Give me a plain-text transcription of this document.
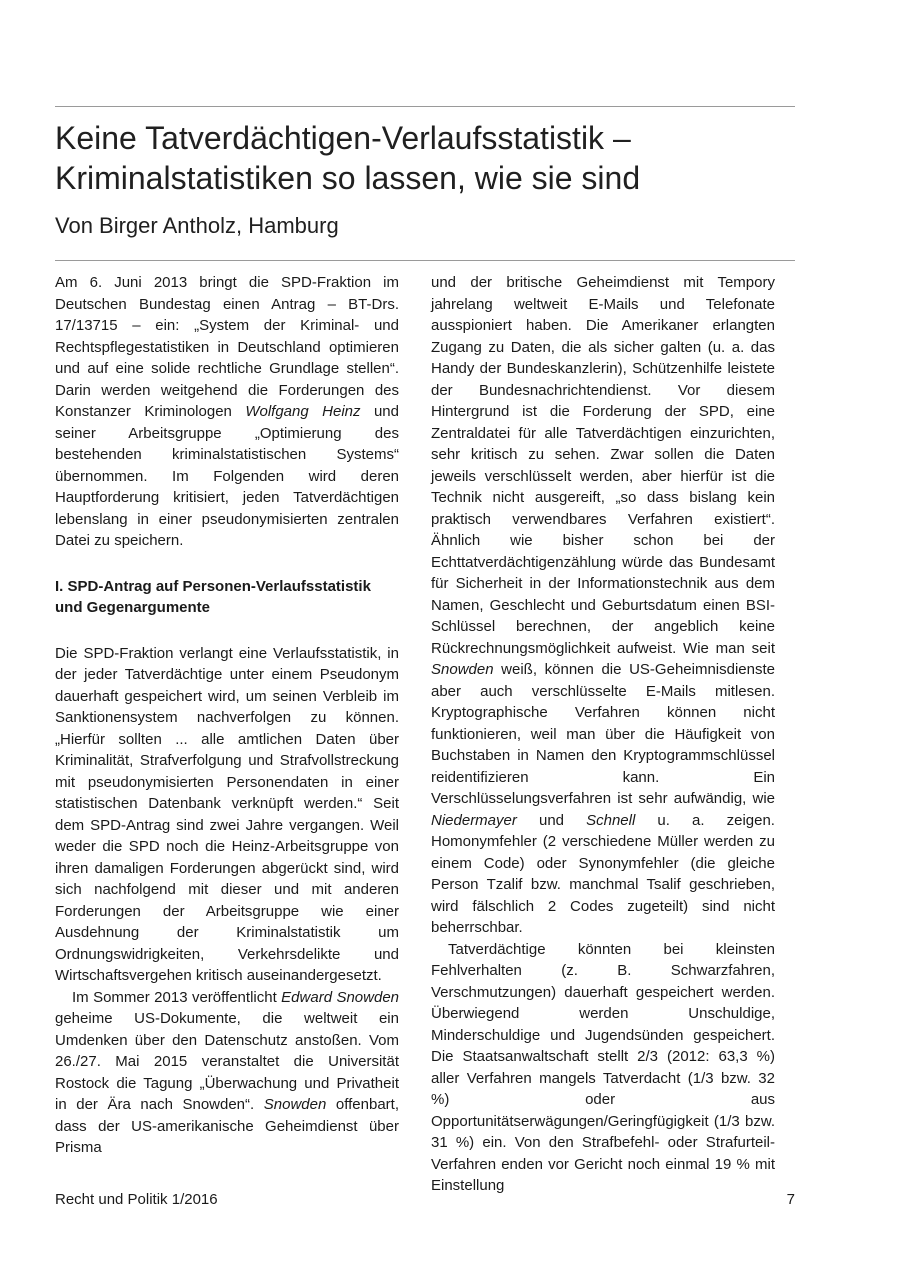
Keine Tatverdächtigen-Verlaufsstatistik –
Kriminalstatistiken so lassen, wie sie sind
Von Birger Antholz, Hamburg

Am 6. Juni 2013 bringt die SPD-Fraktion im Deutschen Bundestag einen Antrag – BT-Drs. 17/13715 – ein: „System der Kriminal- und Rechtspflegestatistiken in Deutschland optimieren und auf eine solide rechtliche Grundlage stellen“. Darin werden weitgehend die Forderungen des Konstanzer Kriminologen Wolfgang Heinz und seiner Arbeitsgruppe „Optimierung des bestehenden kriminalstatistischen Systems“ übernommen. Im Folgenden wird deren Hauptforderung kritisiert, jeden Tatverdächtigen lebenslang in einer pseudonymisierten zentralen Datei zu speichern.

I. SPD-Antrag auf Personen-Verlaufsstatistik und Gegenargumente

Die SPD-Fraktion verlangt eine Verlaufsstatistik, in der jeder Tatverdächtige unter einem Pseudonym dauerhaft gespeichert wird, um seinen Verbleib im Sanktionensystem nachverfolgen zu können. „Hierfür sollten ... alle amtlichen Daten über Kriminalität, Strafverfolgung und Strafvollstreckung mit pseudonymisierten Personendaten in einer statistischen Datenbank verknüpft werden.“ Seit dem SPD-Antrag sind zwei Jahre vergangen. Weil weder die SPD noch die Heinz-Arbeitsgruppe von ihren damaligen Forderungen abgerückt sind, wird sich nachfolgend mit dieser und mit anderen Forderungen der Arbeitsgruppe wie einer Ausdehnung der Kriminalstatistik um Ordnungswidrigkeiten, Verkehrsdelikte und Wirtschaftsvergehen kritisch auseinandergesetzt.

Im Sommer 2013 veröffentlicht Edward Snowden geheime US-Dokumente, die weltweit ein Umdenken über den Datenschutz anstoßen. Vom 26./27. Mai 2015 veranstaltet die Universität Rostock die Tagung „Überwachung und Privatheit in der Ära nach Snowden“. Snowden offenbart, dass der US-amerikanische Geheimdienst über Prisma

und der britische Geheimdienst mit Tempory jahrelang weltweit E-Mails und Telefonate ausspioniert haben. Die Amerikaner erlangten Zugang zu Daten, die als sicher galten (u. a. das Handy der Bundeskanzlerin), Schützenhilfe leistete der Bundesnachrichtendienst. Vor diesem Hintergrund ist die Forderung der SPD, eine Zentraldatei für alle Tatverdächtigen einzurichten, sehr kritisch zu sehen. Zwar sollen die Daten jeweils verschlüsselt werden, aber hierfür ist die Technik nicht ausgereift, „so dass bislang kein praktisch verwendbares Verfahren existiert“. Ähnlich wie bisher schon bei der Echttatverdächtigenzählung würde das Bundesamt für Sicherheit in der Informationstechnik aus dem Namen, Geschlecht und Geburtsdatum einen BSI-Schlüssel berechnen, der angeblich keine Rückrechnungsmöglichkeit aufweist. Wie man seit Snowden weiß, können die US-Geheimnisdienste aber auch verschlüsselte E-Mails mitlesen. Kryptographische Verfahren können nicht funktionieren, weil man über die Häufigkeit von Buchstaben in Namen den Kryptogrammschlüssel reidentifizieren kann. Ein Verschlüsselungsverfahren ist sehr aufwändig, wie Niedermayer und Schnell u. a. zeigen. Homonymfehler (2 verschiedene Müller werden zu einem Code) oder Synonymfehler (die gleiche Person Tzalif bzw. manchmal Tsalif geschrieben, wird fälschlich 2 Codes zugeteilt) sind nicht beherrschbar.

Tatverdächtige könnten bei kleinsten Fehlverhalten (z. B. Schwarzfahren, Verschmutzungen) dauerhaft gespeichert werden. Überwiegend werden Unschuldige, Minderschuldige und Jugendsünden gespeichert. Die Staatsanwaltschaft stellt 2/3 (2012: 63,3 %) aller Verfahren mangels Tatverdacht (1/3 bzw. 32 %) oder aus Opportunitätserwägungen/Geringfügigkeit (1/3 bzw. 31 %) ein. Von den Strafbefehl- oder Strafurteil-Verfahren enden vor Gericht noch einmal 19 % mit Einstellung

Recht und Politik 1/2016	7
